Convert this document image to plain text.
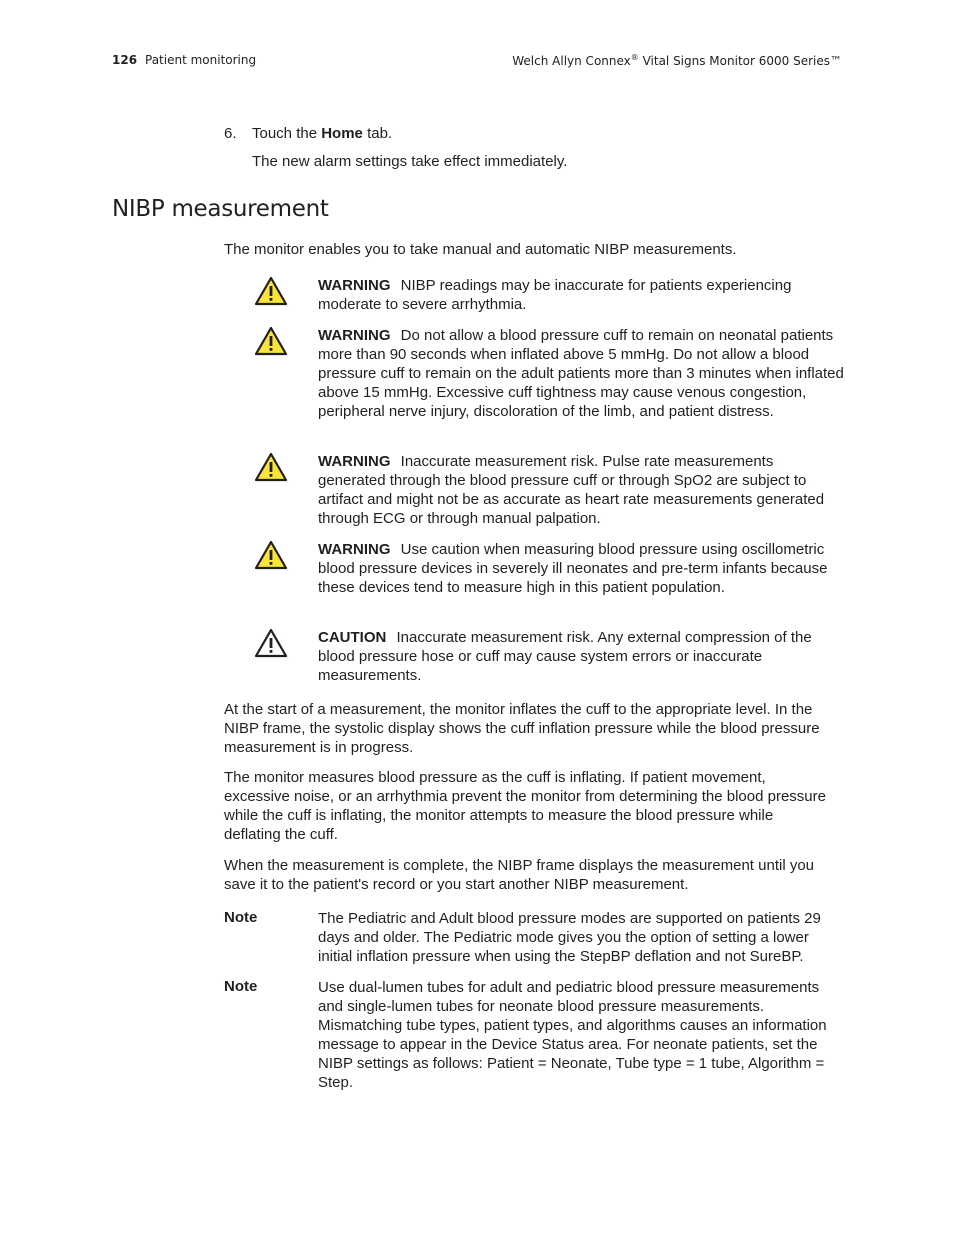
126 Patient monitoring	Welch Allyn Connex® Vital Signs Monitor 6000 Series™
6. Touch the Home tab.
The new alarm settings take effect immediately.
NIBP measurement
The monitor enables you to take manual and automatic NIBP measurements.
WARNING NIBP readings may be inaccurate for patients experiencing moderate to severe arrhythmia.
WARNING Do not allow a blood pressure cuff to remain on neonatal patients more than 90 seconds when inflated above 5 mmHg. Do not allow a blood pressure cuff to remain on the adult patients more than 3 minutes when inflated above 15 mmHg. Excessive cuff tightness may cause venous congestion, peripheral nerve injury, discoloration of the limb, and patient distress.
WARNING Inaccurate measurement risk. Pulse rate measurements generated through the blood pressure cuff or through SpO2 are subject to artifact and might not be as accurate as heart rate measurements generated through ECG or through manual palpation.
WARNING Use caution when measuring blood pressure using oscillometric blood pressure devices in severely ill neonates and pre-term infants because these devices tend to measure high in this patient population.
CAUTION Inaccurate measurement risk. Any external compression of the blood pressure hose or cuff may cause system errors or inaccurate measurements.
At the start of a measurement, the monitor inflates the cuff to the appropriate level. In the NIBP frame, the systolic display shows the cuff inflation pressure while the blood pressure measurement is in progress.
The monitor measures blood pressure as the cuff is inflating. If patient movement, excessive noise, or an arrhythmia prevent the monitor from determining the blood pressure while the cuff is inflating, the monitor attempts to measure the blood pressure while deflating the cuff.
When the measurement is complete, the NIBP frame displays the measurement until you save it to the patient's record or you start another NIBP measurement.
Note	The Pediatric and Adult blood pressure modes are supported on patients 29 days and older. The Pediatric mode gives you the option of setting a lower initial inflation pressure when using the StepBP deflation and not SureBP.
Note	Use dual-lumen tubes for adult and pediatric blood pressure measurements and single-lumen tubes for neonate blood pressure measurements. Mismatching tube types, patient types, and algorithms causes an information message to appear in the Device Status area. For neonate patients, set the NIBP settings as follows: Patient = Neonate, Tube type = 1 tube, Algorithm = Step.
